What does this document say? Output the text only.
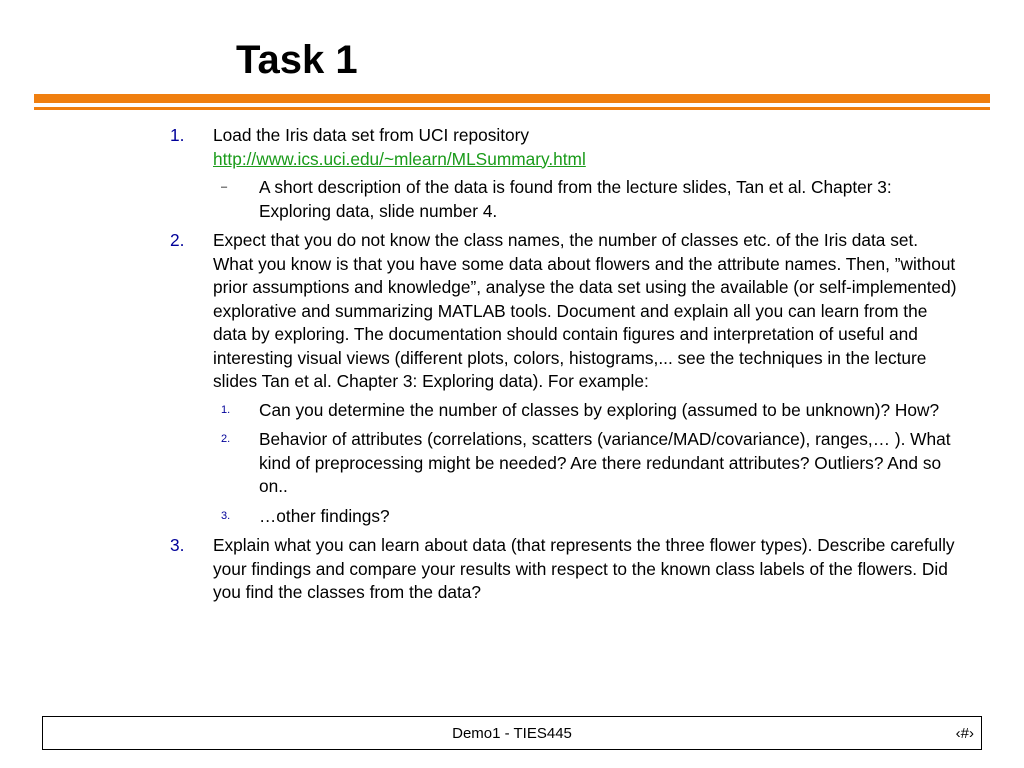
Task 1
1. Load the Iris data set from UCI repository
http://www.ics.uci.edu/~mlearn/MLSummary.html
– A short description of the data is found from the lecture slides, Tan et al. Chapter 3: Exploring data, slide number 4.
2. Expect that you do not know the class names, the number of classes etc. of the Iris data set. What you know is that you have some data about flowers and the attribute names. Then, ”without prior assumptions and knowledge”, analyse the data set using the available (or self-implemented) explorative and summarizing MATLAB tools. Document and explain all you can learn from the data by exploring. The documentation should contain figures and interpretation of useful and interesting visual views (different plots, colors, histograms,... see the techniques in the lecture slides Tan et al. Chapter 3: Exploring data). For example:
1. Can you determine the number of classes by exploring (assumed to be unknown)? How?
2. Behavior of attributes (correlations, scatters (variance/MAD/covariance), ranges,… ). What kind of preprocessing might be needed? Are there redundant attributes? Outliers? And so on..
3. …other findings?
3. Explain what you can learn about data (that represents the three flower types). Describe carefully your findings and compare your results with respect to the known class labels of the flowers. Did you find the classes from the data?
Demo1 - TIES445	‹#›
